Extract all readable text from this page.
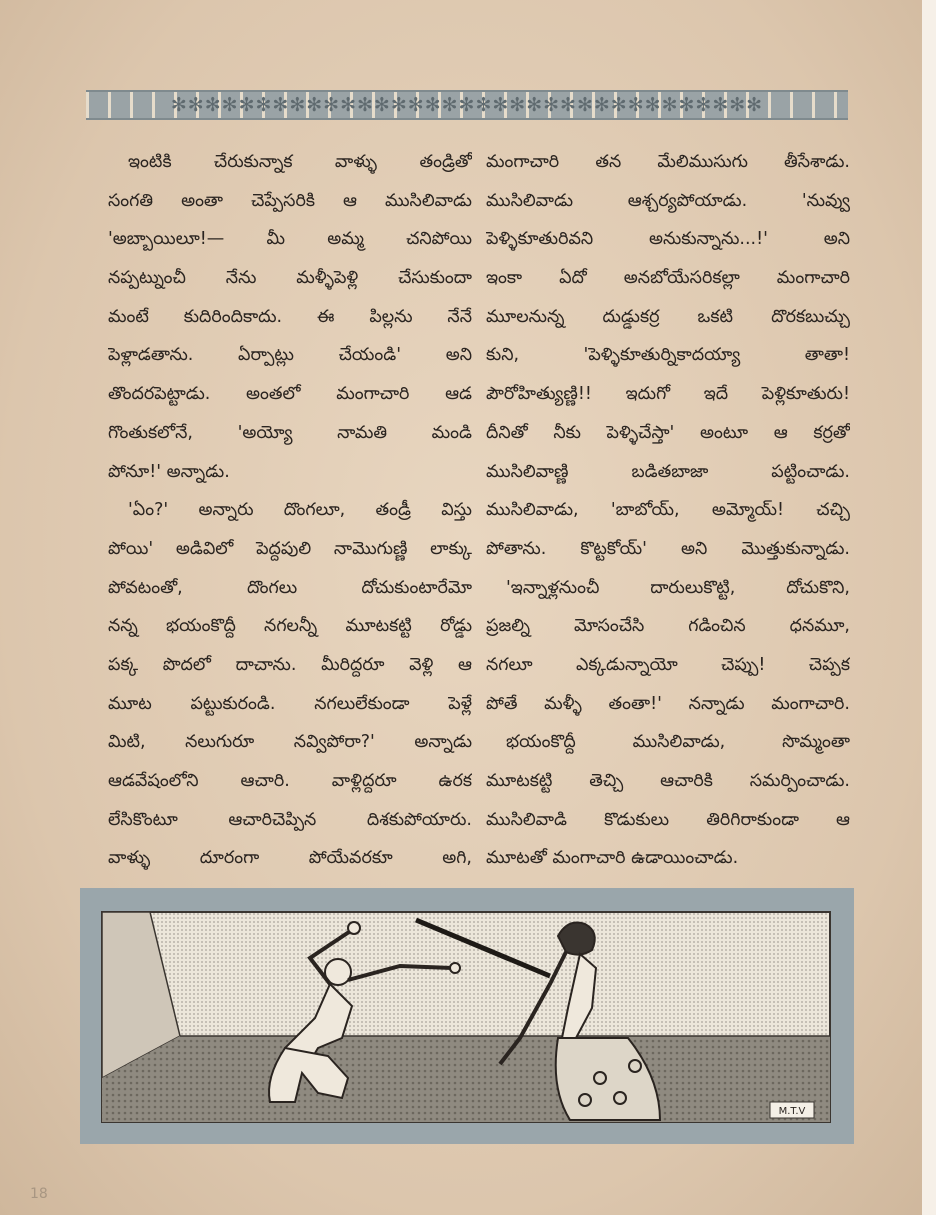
✻✻✻✻✻✻✻✻✻✻✻✻✻✻✻✻✻✻✻✻✻✻✻✻✻✻✻✻✻✻✻✻✻✻✻
ఇంటికి చేరుకున్నాక వాళ్ళు తండ్రితో
సంగతి అంతా చెప్పేసరికి ఆ ముసిలివాడు
'అబ్బాయిలూ!— మీ అమ్మ చనిపోయి
నప్పట్నుంచీ నేను మళ్ళీపెళ్లి చేసుకుందా
మంటే కుదిరిందికాదు. ఈ పిల్లను నేనే
పెళ్లాడతాను. ఏర్పాట్లు చేయండి' అని
తొందరపెట్టాడు. అంతలో మంగాచారి ఆడ
గొంతుకలోనే, 'అయ్యో నామతి మండి
పోనూ!' అన్నాడు.
'ఏం?' అన్నారు దొంగలూ, తండ్రీ విస్తు
పోయి' అడివిలో పెద్దపులి నామొగుణ్ణి లాక్కు
పోవటంతో, దొంగలు దోచుకుంటారేమో
నన్న భయంకొద్దీ నగలన్నీ మూటకట్టి రోడ్డు
పక్క పొదలో దాచాను. మీరిద్దరూ వెళ్లి ఆ
మూట పట్టుకురండి. నగలులేకుండా పెళ్లే
మిటి, నలుగురూ నవ్విపోరా?' అన్నాడు
ఆడవేషంలోని ఆచారి. వాళ్లిద్దరూ ఉరక
లేసికొంటూ ఆచారిచెప్పిన దిశకుపోయారు.
వాళ్ళు దూరంగా పోయేవరకూ అగి,
మంగాచారి తన మేలిముసుగు తీసేశాడు.
ముసిలివాడు ఆశ్చర్యపోయాడు. 'నువ్వు
పెళ్ళికూతురివని అనుకున్నాను...!' అని
ఇంకా ఏదో అనబోయేసరికల్లా మంగాచారి
మూలనున్న దుడ్డుకర్ర ఒకటి దొరకబుచ్చు
కుని, 'పెళ్ళికూతుర్నికాదయ్యా తాతా!
పౌరోహిత్యుణ్ణి!! ఇదుగో ఇదే పెళ్లికూతురు!
దీనితో నీకు పెళ్ళిచేస్తా' అంటూ ఆ కర్రతో
ముసిలివాణ్ణి బడితబాజా పట్టించాడు.
ముసిలివాడు, 'బాబోయ్, అమ్మోయ్! చచ్చి
పోతాను. కొట్టకోయ్' అని మొత్తుకున్నాడు.
'ఇన్నాళ్లనుంచీ దారులుకొట్టి, దోచుకొని,
ప్రజల్ని మోసంచేసి గడించిన ధనమూ,
నగలూ ఎక్కడున్నాయో చెప్పు! చెప్పక
పోతే మళ్ళీ తంతా!' నన్నాడు మంగాచారి.
భయంకొద్దీ ముసిలివాడు, సొమ్మంతా
మూటకట్టి తెచ్చి ఆచారికి సమర్పించాడు.
ముసిలివాడి కొడుకులు తిరిగిరాకుండా ఆ
మూటతో మంగాచారి ఉడాయించాడు.
M.T.V
18
